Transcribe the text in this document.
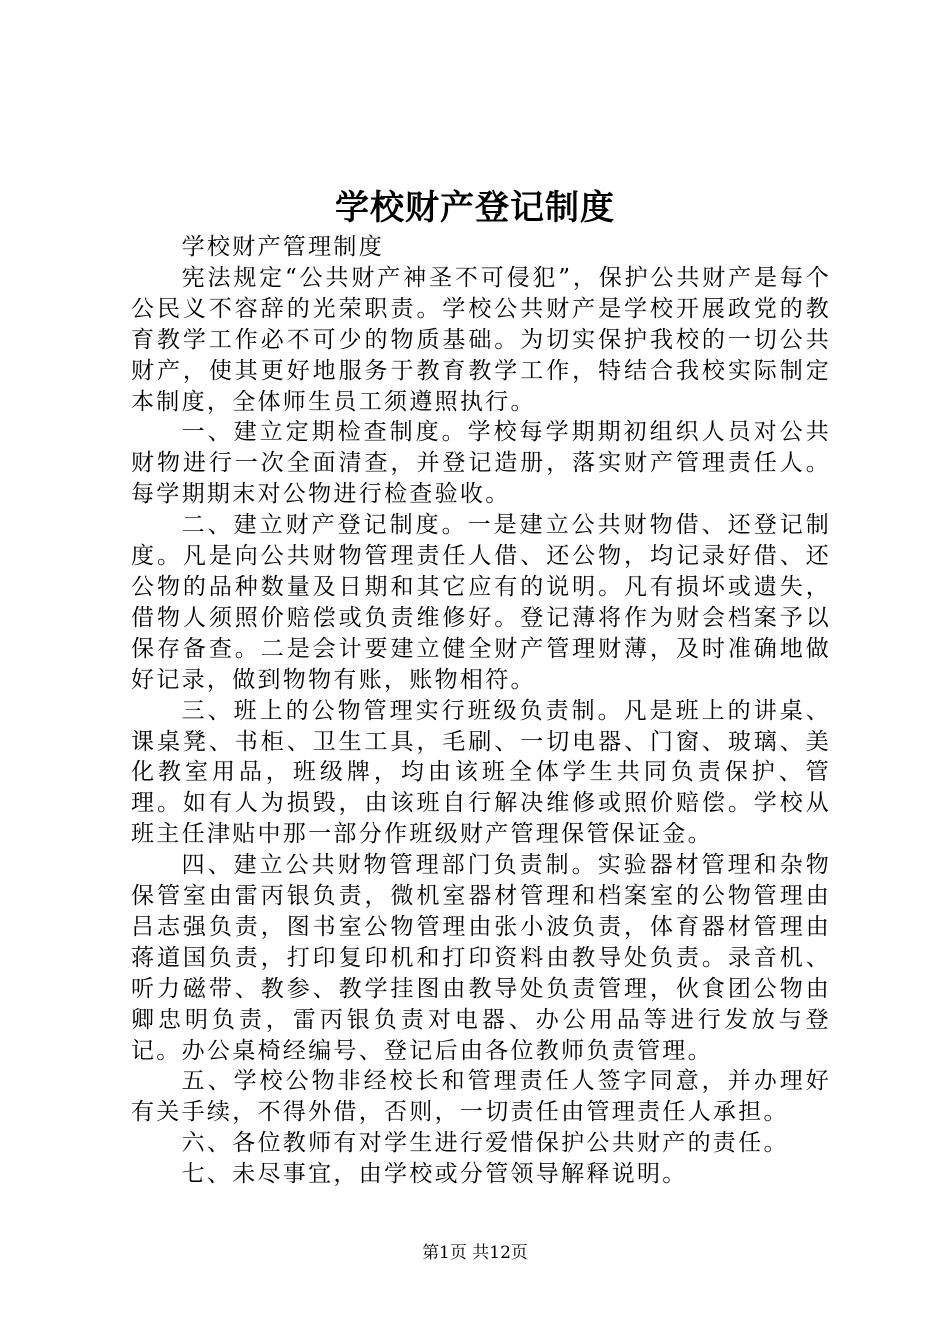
学校财产登记制度

学校财产管理制度

宪法规定“公共财产神圣不可侵犯”，保护公共财产是每个公民义不容辞的光荣职责。学校公共财产是学校开展政党的教育教学工作必不可少的物质基础。为切实保护我校的一切公共财产，使其更好地服务于教育教学工作，特结合我校实际制定本制度，全体师生员工须遵照执行。

一、建立定期检查制度。学校每学期期初组织人员对公共财物进行一次全面清查，并登记造册，落实财产管理责任人。每学期期末对公物进行检查验收。

二、建立财产登记制度。一是建立公共财物借、还登记制度。凡是向公共财物管理责任人借、还公物，均记录好借、还公物的品种数量及日期和其它应有的说明。凡有损坏或遗失，借物人须照价赔偿或负责维修好。登记薄将作为财会档案予以保存备查。二是会计要建立健全财产管理财薄，及时准确地做好记录，做到物物有账，账物相符。

三、班上的公物管理实行班级负责制。凡是班上的讲桌、课桌凳、书柜、卫生工具，毛刷、一切电器、门窗、玻璃、美化教室用品，班级牌，均由该班全体学生共同负责保护、管理。如有人为损毁，由该班自行解决维修或照价赔偿。学校从班主任津贴中那一部分作班级财产管理保管保证金。

四、建立公共财物管理部门负责制。实验器材管理和杂物保管室由雷丙银负责，微机室器材管理和档案室的公物管理由吕志强负责，图书室公物管理由张小波负责，体育器材管理由蒋道国负责，打印复印机和打印资料由教导处负责。录音机、听力磁带、教参、教学挂图由教导处负责管理，伙食团公物由卿忠明负责，雷丙银负责对电器、办公用品等进行发放与登记。办公桌椅经编号、登记后由各位教师负责管理。

五、学校公物非经校长和管理责任人签字同意，并办理好有关手续，不得外借，否则，一切责任由管理责任人承担。

六、各位教师有对学生进行爱惜保护公共财产的责任。

七、未尽事宜，由学校或分管领导解释说明。

第1页 共12页
